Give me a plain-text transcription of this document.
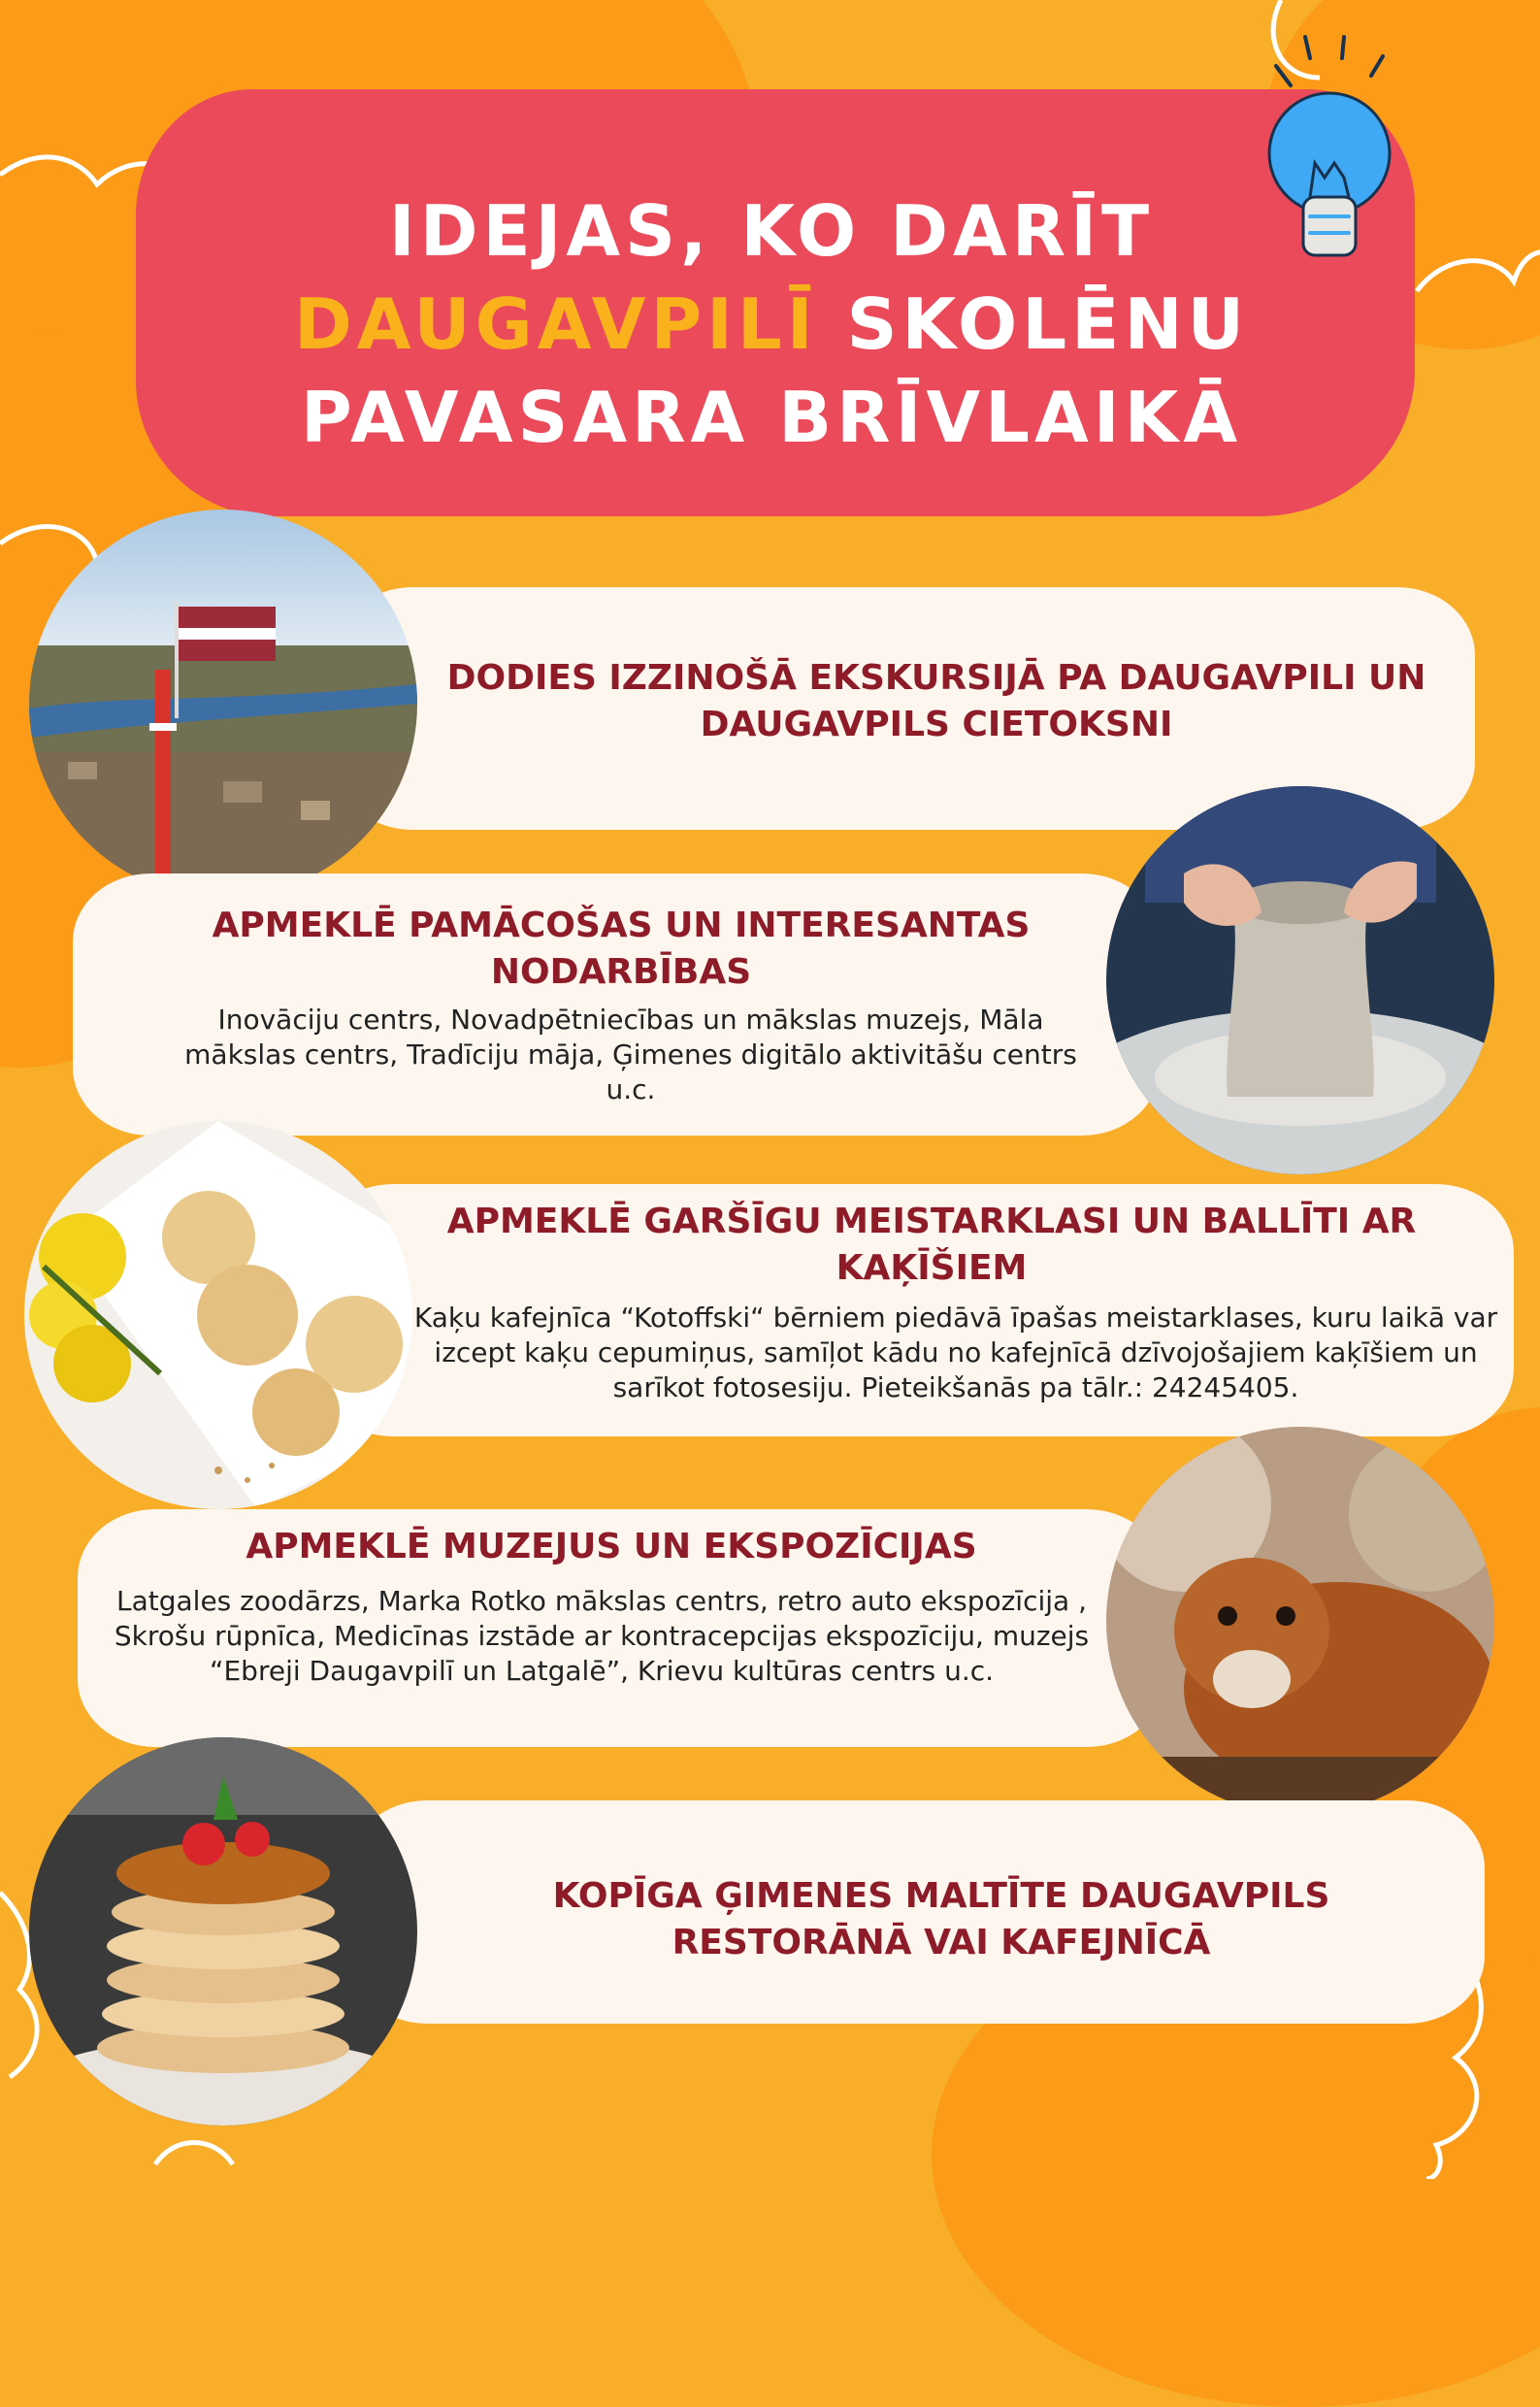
IDEJAS, KO DARĪT
DAUGAVPILĪ SKOLĒNU
PAVASARA BRĪVLAIKĀ
DODIES IZZINOŠĀ EKSKURSIJĀ PA DAUGAVPILI UN DAUGAVPILS CIETOKSNI
APMEKLĒ PAMĀCOŠAS UN INTERESANTAS NODARBĪBAS
Inovāciju centrs, Novadpētniecības un mākslas muzejs, Māla mākslas centrs, Tradīciju māja, Ģimenes digitālo aktivitāšu centrs u.c.
APMEKLĒ GARŠĪGU MEISTARKLASI UN BALLĪTI AR KAĶĪŠIEM
Kaķu kafejnīca “Kotoffski“ bērniem piedāvā īpašas meistarklases, kuru laikā var izcept kaķu cepumiņus, samīļot kādu no kafejnīcā dzīvojošajiem kaķīšiem un sarīkot fotosesiju. Pieteikšanās pa tālr.: 24245405.
APMEKLĒ MUZEJUS UN EKSPOZĪCIJAS
Latgales zoodārzs, Marka Rotko mākslas centrs, retro auto ekspozīcija , Skrošu rūpnīca, Medicīnas izstāde ar kontracepcijas ekspozīciju, muzejs “Ebreji Daugavpilī un Latgalē”, Krievu kultūras centrs u.c.
KOPĪGA ĢIMENES MALTĪTE DAUGAVPILS RESTORĀNĀ VAI KAFEJNĪCĀ
